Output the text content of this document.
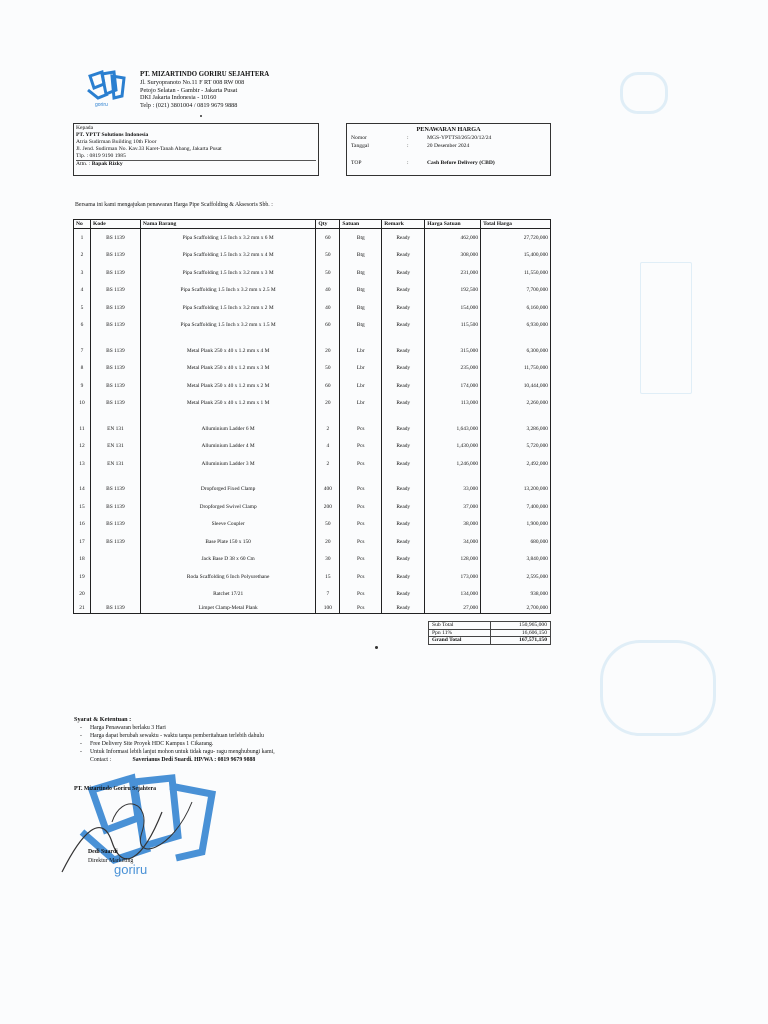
goriru
PT. MIZARTINDO GORIRU SEJAHTERA
Jl. Suryopranoto No.11 F RT 008 RW 008
Petojo Selatan - Gambir - Jakarta Pusat
DKI Jakarta Indonesia - 10160
Telp : (021) 3801004 / 0819 9679 9888
Kepada
PT. YPTT Solutions Indonesia
Atria Sudirman Building 10th Floor
Jl. Jend. Sudirman No. Kav.33 Karet-Tanah Abang, Jakarta Pusat
Tlp. : 0819 9190 1985
Attn. : Bapak Rizky
PENAWARAN HARGA
Nomor	:	MGS-YPTTSI/265/20/12/24
Tanggal	:	20 Desember 2024
TOP	:	Cash Before Delivery (CBD)
Bersama ini kami mengajukan penawaran Harga Pipe Scaffolding & Aksesoris Sbb. :
No	Kode	Nama Barang	Qty	Satuan	Remark	Harga Satuan	Total Harga
1	BS 1139	Pipa Scaffolding 1.5 Inch x 3.2 mm x 6 M	60	Btg	Ready	462,000	27,720,000
2	BS 1139	Pipa Scaffolding 1.5 Inch x 3.2 mm x 4 M	50	Btg	Ready	308,000	15,400,000
3	BS 1139	Pipa Scaffolding 1.5 Inch x 3.2 mm x 3 M	50	Btg	Ready	231,000	11,550,000
4	BS 1139	Pipa Scaffolding 1.5 Inch x 3.2 mm x 2.5 M	40	Btg	Ready	192,500	7,700,000
5	BS 1139	Pipa Scaffolding 1.5 Inch x 3.2 mm x 2 M	40	Btg	Ready	154,000	6,160,000
6	BS 1139	Pipa Scaffolding 1.5 Inch x 3.2 mm x 1.5 M	60	Btg	Ready	115,500	6,930,000

7	BS 1139	Metal Plank 250 x 40 x 1.2 mm x 4 M	20	Lbr	Ready	315,000	6,300,000
8	BS 1139	Metal Plank 250 x 40 x 1.2 mm x 3 M	50	Lbr	Ready	235,000	11,750,000
9	BS 1139	Metal Plank 250 x 40 x 1.2 mm x 2 M	60	Lbr	Ready	174,000	10,444,000
10	BS 1139	Metal Plank 250 x 40 x 1.2 mm x 1 M	20	Lbr	Ready	113,000	2,260,000

11	EN 131	Alluminium Ladder 6 M	2	Pcs	Ready	1,643,000	3,286,000
12	EN 131	Alluminium Ladder 4 M	4	Pcs	Ready	1,430,000	5,720,000
13	EN 131	Alluminium Ladder 3 M	2	Pcs	Ready	1,246,000	2,492,000

14	BS 1139	Dropforged Fixed Clamp	400	Pcs	Ready	33,000	13,200,000
15	BS 1139	Dropforged Swivel Clamp	200	Pcs	Ready	37,000	7,400,000
16	BS 1139	Sleeve Coupler	50	Pcs	Ready	38,000	1,900,000
17	BS 1139	Base Plate 150 x 150	20	Pcs	Ready	34,000	680,000
18		Jack Base D 38 x 60 Cm	30	Pcs	Ready	128,000	3,840,000
19		Roda Scaffolding 6 Inch Polyurethane	15	Pcs	Ready	173,000	2,595,000
20		Ratchet 17/21	7	Pcs	Ready	134,000	938,000
21	BS 1139	Limpet Clamp-Metal Plank	100	Pcs	Ready	27,000	2,700,000
Sub Total	150,965,000
Ppn 11%	16,606,150
Grand Total	167,571,150
Syarat & Ketentuan :
- Harga Penawaran berlaku 3 Hari
- Harga dapat berubah sewaktu - waktu tanpa pemberitahuan terlebih dahulu
- Free Delivery Site Proyek HDC Kampus 1 Cikarang.
- Untuk Informasi lebih lanjut mohon untuk tidak ragu- ragu menghubungi kami,
Contact :	Saverianus Dedi Suardi. HP/WA : 0819 9679 9888
goriru
PT. Mizartindo Goriru Sejahtera
Dedi Suardi
Direktur Marketing
